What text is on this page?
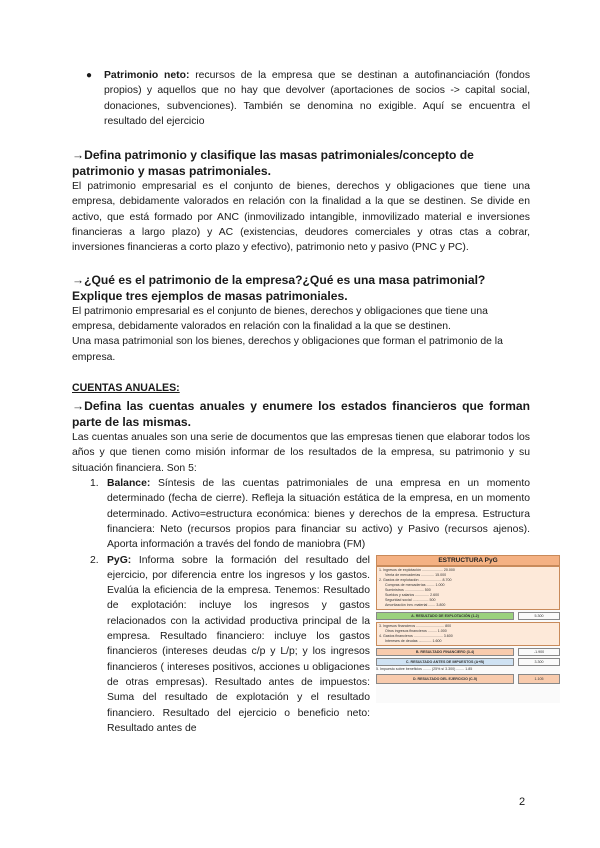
● Patrimonio neto: recursos de la empresa que se destinan a autofinanciación (fondos propios) y aquellos que no hay que devolver (aportaciones de socios -> capital social, donaciones, subvenciones). También se denomina no exigible. Aquí se encuentra el resultado del ejercicio
→Defina patrimonio y clasifique las masas patrimoniales/concepto de patrimonio y masas patrimoniales.

El patrimonio empresarial es el conjunto de bienes, derechos y obligaciones que tiene una empresa, debidamente valorados en relación con la finalidad a la que se destinen. Se divide en activo, que está formado por ANC (inmovilizado intangible, inmovilizado material e inversiones financieras a largo plazo) y AC (existencias, deudores comerciales y otras ctas a cobrar, inversiones financieras a corto plazo y efectivo), patrimonio neto y pasivo (PNC y PC).

→¿Qué es el patrimonio de la empresa?¿Qué es una masa patrimonial? Explique tres ejemplos de masas patrimoniales.

El patrimonio empresarial es el conjunto de bienes, derechos y obligaciones que tiene una empresa, debidamente valorados en relación con la finalidad a la que se destinen.

Una masa patrimonial son los bienes, derechos y obligaciones que forman el patrimonio de la empresa.

CUENTAS ANUALES:
→Defina las cuentas anuales y enumere los estados financieros que forman parte de las mismas.

Las cuentas anuales son una serie de documentos que las empresas tienen que elaborar todos los años y que tienen como misión informar de los resultados de la empresa, su patrimonio y su situación financiera. Son 5:

1. Balance: Síntesis de las cuentas patrimoniales de una empresa en un momento determinado (fecha de cierre). Refleja la situación estática de la empresa, en un momento determinado. Activo=estructura económica: bienes y derechos de la empresa. Estructura financiera: Neto (recursos propios para financiar su activo) y Pasivo (recursos ajenos). Aporta información a través del fondo de maniobra (FM)
2. PyG: Informa sobre la formación del resultado del ejercicio, por diferencia entre los ingresos y los gastos. Evalúa la eficiencia de la empresa. Tenemos: Resultado de explotación: incluye los ingresos y gastos relacionados con la actividad productiva principal de la empresa. Resultado financiero: incluye los gastos financieros (intereses deudas c/p y L/p; y los ingresos financieros ( intereses positivos, acciones u obligaciones de otras empresas). Resultado antes de impuestos: Suma del resultado de explotación y el resultado financiero. Resultado del ejercicio o beneficio neto: Resultado antes de
ESTRUCTURA PyG
1. Ingresos de explotación ..................... 20.000
Venta de mercaderías ............. 15.000
2. Gastos de explotación ...................... 8.700
Compras de mercaderías ........ 1.000
Suministros ................... 500
Sueldos y salarios .............. 2.600
Seguridad social ................ 500
Amortización inm. material ....... 3.800
A. RESULTADO DE EXPLOTACIÓN (1-2)	5.300
3. Ingresos financieros ............................ 800
Otros ingresos financieros ......... 1.000
4. Gastos financieros ............................. 3.600
Intereses de deudas ............. 1.600
B. RESULTADO FINANCIERO (3-4)	-1.900
C. RESULTADO ANTES DE IMPUESTOS (A+B)	3.300
5. Impuesto sobre beneficios ........ (25% s/ 3.300) ........ 1.85
D. RESULTADO DEL EJERCICIO (C-5)	1.105
2
